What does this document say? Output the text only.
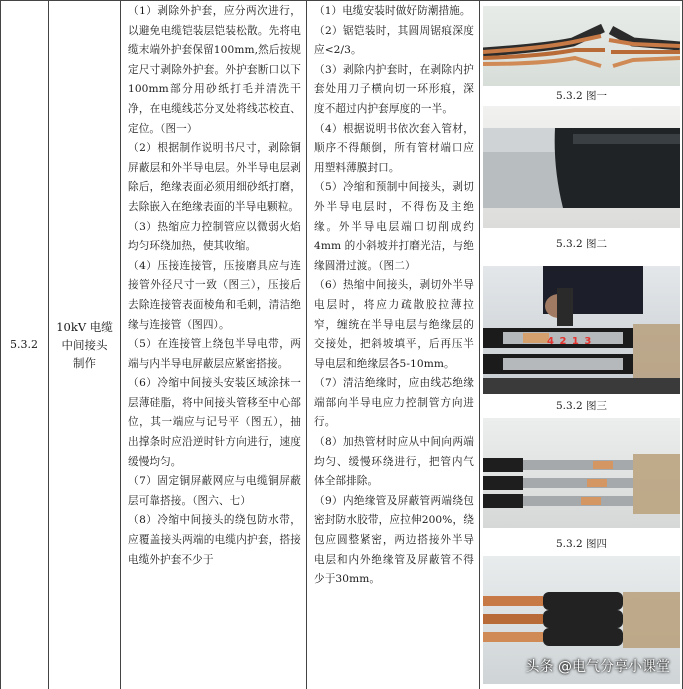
5.3.2
10kV 电缆
中间接头
制作

（1）剥除外护套，应分两次进行，以避免电缆铠装层铠装松散。先将电缆末端外护套保留100mm,然后按规定尺寸剥除外护套。外护套断口以下 100mm部分用砂纸打毛并清洗干净，在电缆线芯分叉处将线芯校直、定位。（图一）

（2）根据制作说明书尺寸，剥除铜屏蔽层和外半导电层。外半导电层剥除后，绝缘表面必须用细砂纸打磨，去除嵌入在绝缘表面的半导电颗粒。

（3）热缩应力控制管应以微弱火焰均匀环绕加热，使其收缩。

（4）压接连接管，压接磨具应与连接管外径尺寸一致（图三），压接后去除连接管表面棱角和毛刺，清洁绝缘与连接管（图四）。

（5）在连接管上绕包半导电带，两端与内半导电屏蔽层应紧密搭接。

（6）冷缩中间接头安装区域涂抹一层薄硅脂，将中间接头管移至中心部位，其一端应与记号平（图五），抽出撑条时应沿逆时针方向进行，速度缓慢均匀。

（7）固定铜屏蔽网应与电缆铜屏蔽层可靠搭接。（图六、七）

（8）冷缩中间接头的绕包防水带，应覆盖接头两端的电缆内护套，搭接电缆外护套不少于

（1）电缆安装时做好防潮措施。

（2）锯铠装时，其圆周锯痕深度应<2/3。

（3）剥除内护套时，在剥除内护套处用刀子横向切一环形痕，深度不超过内护套厚度的一半。

（4）根据说明书依次套入管材，顺序不得颠倒，所有管材端口应用塑料薄膜封口。

（5）冷缩和预制中间接头，剥切外半导电层时，不得伤及主绝缘。外半导电层端口切削成约 4mm 的小斜坡并打磨光洁，与绝缘圆滑过渡。（图二）

（6）热缩中间接头，剥切外半导电层时，将应力疏散胶拉薄拉窄，缠统在半导电层与绝缘层的交接处，把斜坡填平，后再压半导电层和绝缘层各5-10mm。

（7）清洁绝缘时，应由线芯绝缘端部向半导电应力控制管方向进行。

（8）加热管材时应从中间向两端均匀、缓慢环绕进行，把管内气体全部排除。

（9）内绝缘管及屏蔽管两端绕包密封防水胶带，应拉伸200%，绕包应圆整紧密，两边搭接外半导电层和内外绝缘管及屏蔽管不得少于30mm。

5.3.2 图一
5.3.2 图二
4 2 1 3
5.3.2 图三
5.3.2 图四
头条 @电气分享小课堂
